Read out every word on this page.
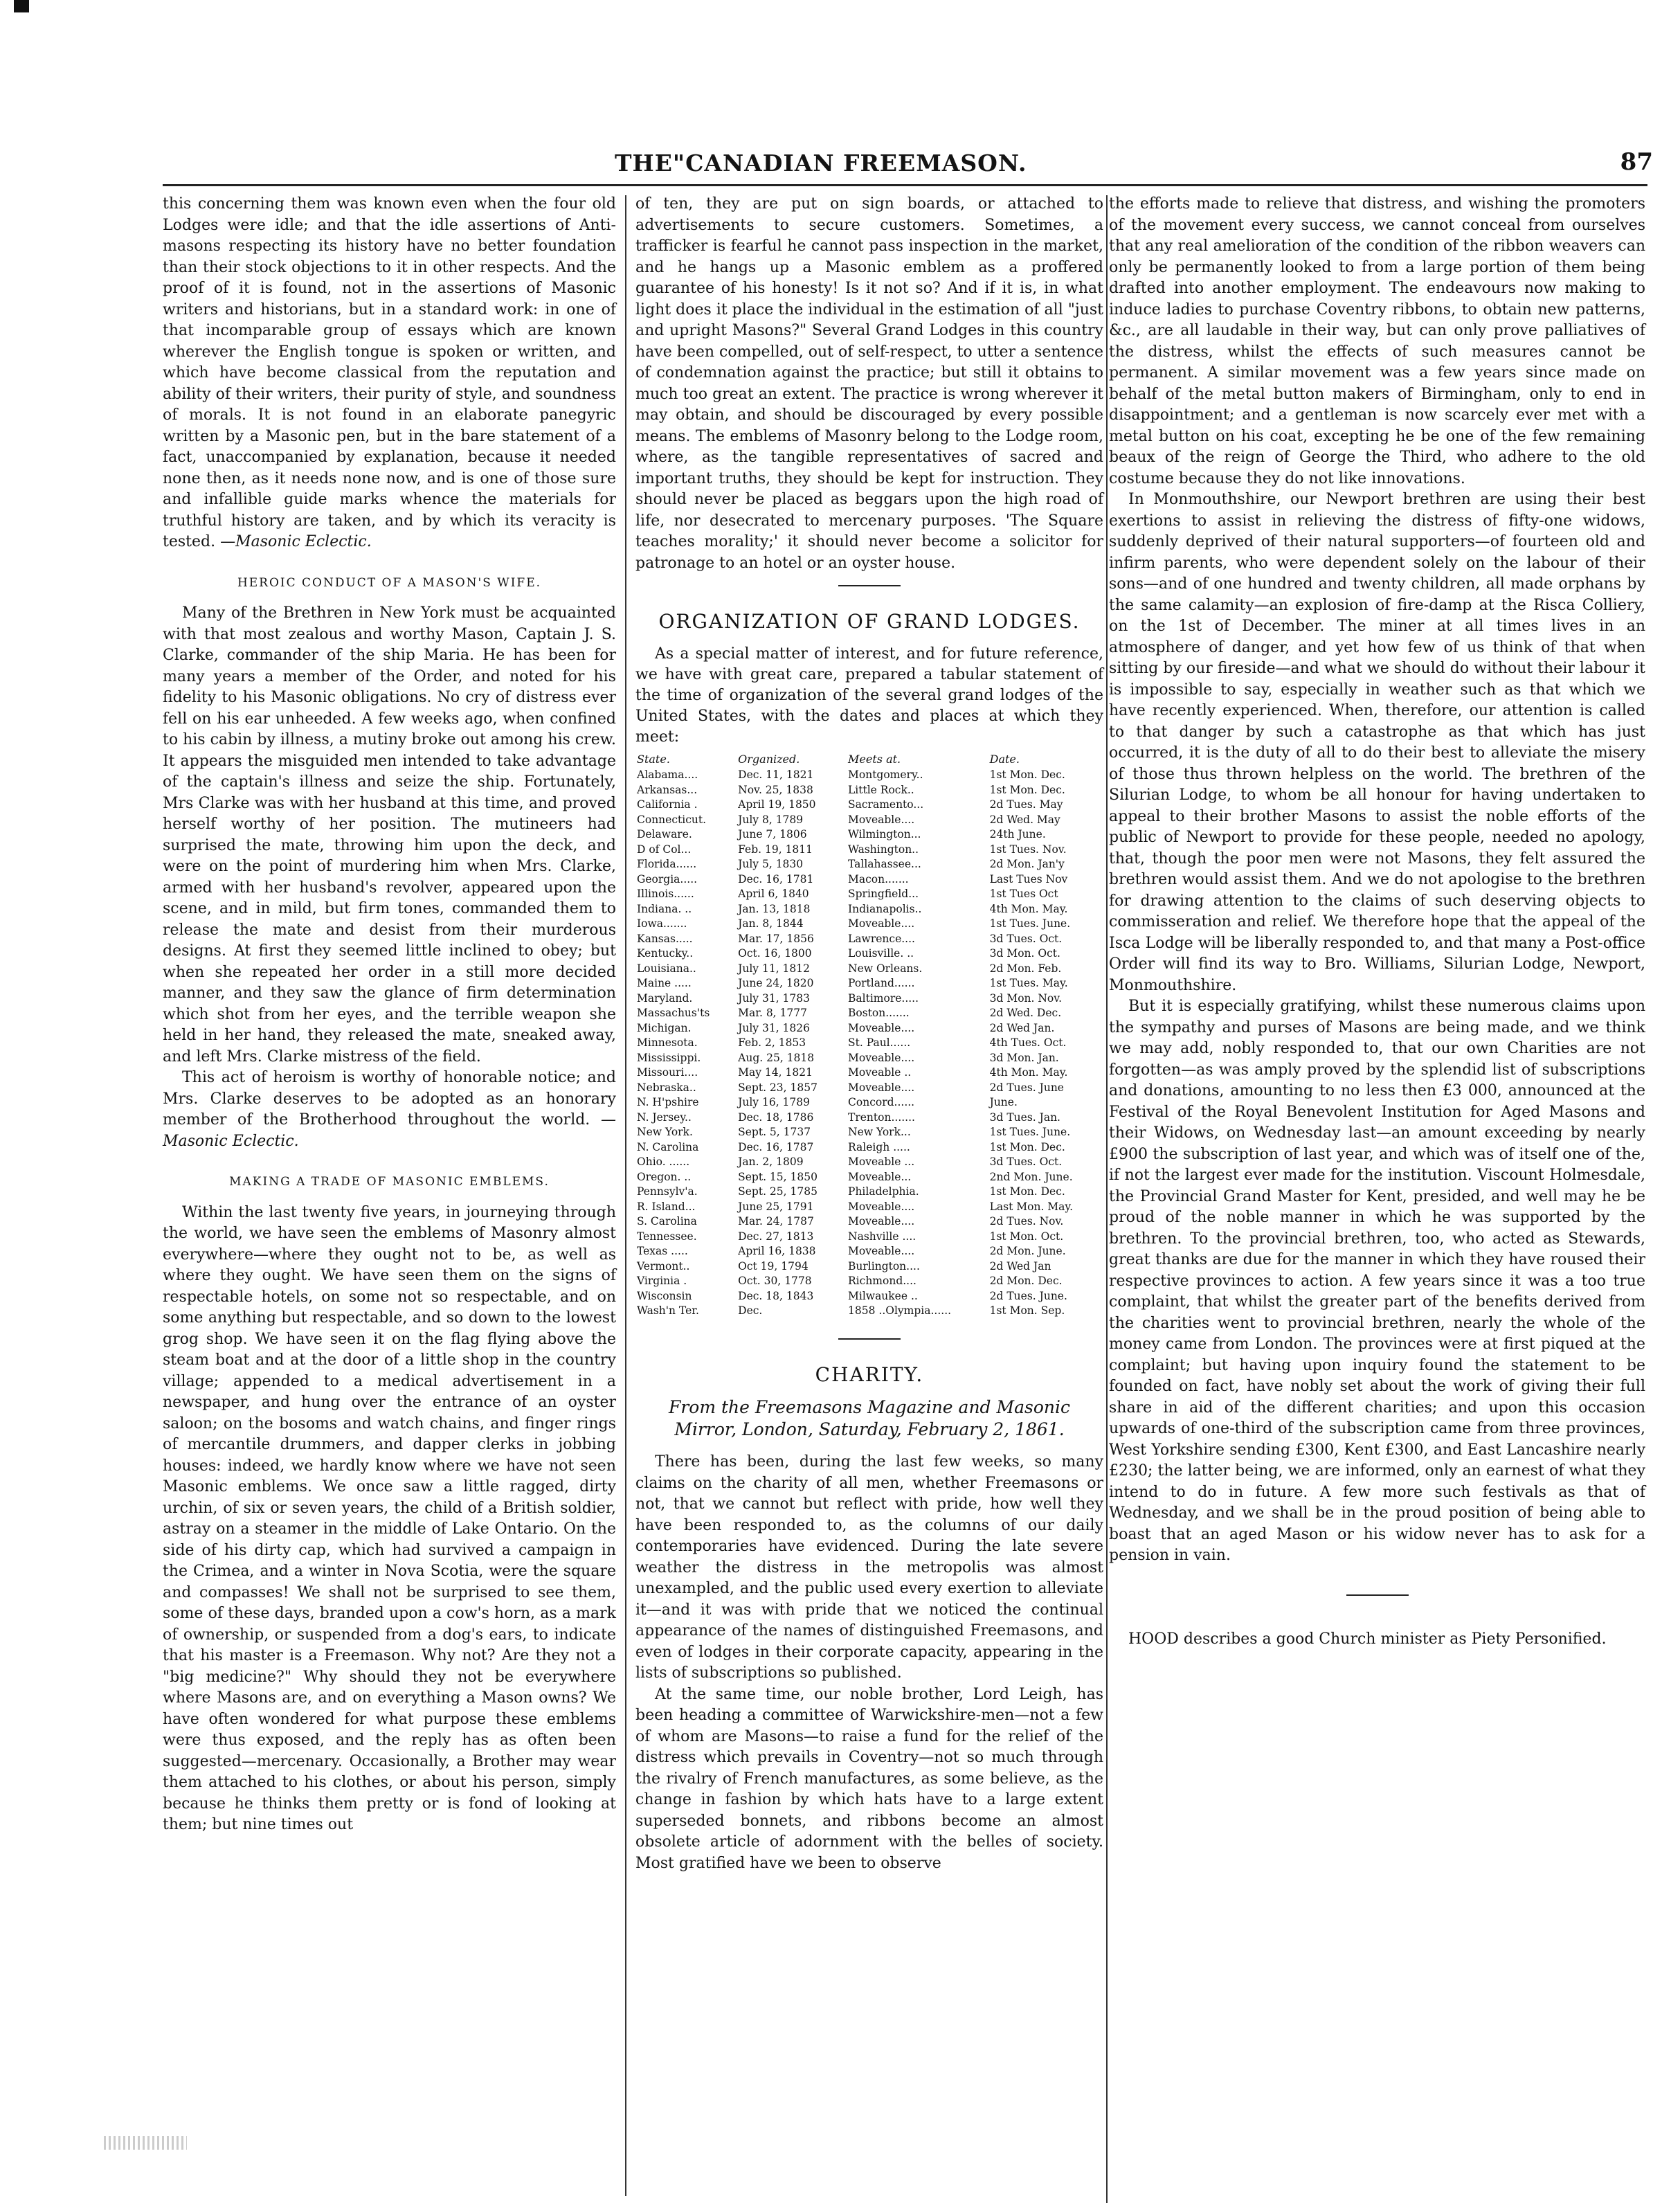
THE"CANADIAN FREEMASON.	87

this concerning them was known even when the four old Lodges were idle; and that the idle assertions of Anti-masons respecting its history have no better foundation than their stock objections to it in other respects. And the proof of it is found, not in the assertions of Masonic writers and historians, but in a standard work: in one of that incomparable group of essays which are known wherever the English tongue is spoken or written, and which have become classical from the reputation and ability of their writers, their purity of style, and soundness of morals. It is not found in an elaborate panegyric written by a Masonic pen, but in the bare statement of a fact, unaccompanied by explanation, because it needed none then, as it needs none now, and is one of those sure and infallible guide marks whence the materials for truthful history are taken, and by which its veracity is tested. —Masonic Eclectic.

HEROIC CONDUCT OF A MASON'S WIFE.

Many of the Brethren in New York must be acquainted with that most zealous and worthy Mason, Captain J. S. Clarke, commander of the ship Maria. He has been for many years a member of the Order, and noted for his fidelity to his Masonic obligations. No cry of distress ever fell on his ear unheeded. A few weeks ago, when confined to his cabin by illness, a mutiny broke out among his crew. It appears the misguided men intended to take advantage of the captain's illness and seize the ship. Fortunately, Mrs Clarke was with her husband at this time, and proved herself worthy of her position. The mutineers had surprised the mate, throwing him upon the deck, and were on the point of murdering him when Mrs. Clarke, armed with her husband's revolver, appeared upon the scene, and in mild, but firm tones, commanded them to release the mate and desist from their murderous designs. At first they seemed little inclined to obey; but when she repeated her order in a still more decided manner, and they saw the glance of firm determination which shot from her eyes, and the terrible weapon she held in her hand, they released the mate, sneaked away, and left Mrs. Clarke mistress of the field.

This act of heroism is worthy of honorable notice; and Mrs. Clarke deserves to be adopted as an honorary member of the Brotherhood throughout the world. —Masonic Eclectic.

MAKING A TRADE OF MASONIC EMBLEMS.

Within the last twenty five years, in journeying through the world, we have seen the emblems of Masonry almost everywhere—where they ought not to be, as well as where they ought. We have seen them on the signs of respectable hotels, on some not so respectable, and on some anything but respectable, and so down to the lowest grog shop. We have seen it on the flag flying above the steam boat and at the door of a little shop in the country village; appended to a medical advertisement in a newspaper, and hung over the entrance of an oyster saloon; on the bosoms and watch chains, and finger rings of mercantile drummers, and dapper clerks in jobbing houses: indeed, we hardly know where we have not seen Masonic emblems. We once saw a little ragged, dirty urchin, of six or seven years, the child of a British soldier, astray on a steamer in the middle of Lake Ontario. On the side of his dirty cap, which had survived a campaign in the Crimea, and a winter in Nova Scotia, were the square and compasses! We shall not be surprised to see them, some of these days, branded upon a cow's horn, as a mark of ownership, or suspended from a dog's ears, to indicate that his master is a Freemason. Why not? Are they not a "big medicine?" Why should they not be everywhere where Masons are, and on everything a Mason owns? We have often wondered for what purpose these emblems were thus exposed, and the reply has as often been suggested—mercenary. Occasionally, a Brother may wear them attached to his clothes, or about his person, simply because he thinks them pretty or is fond of looking at them; but nine times out

of ten, they are put on sign boards, or attached to advertisements to secure customers. Sometimes, a trafficker is fearful he cannot pass inspection in the market, and he hangs up a Masonic emblem as a proffered guarantee of his honesty! Is it not so? And if it is, in what light does it place the individual in the estimation of all "just and upright Masons?" Several Grand Lodges in this country have been compelled, out of self-respect, to utter a sentence of condemnation against the practice; but still it obtains to much too great an extent. The practice is wrong wherever it may obtain, and should be discouraged by every possible means. The emblems of Masonry belong to the Lodge room, where, as the tangible representatives of sacred and important truths, they should be kept for instruction. They should never be placed as beggars upon the high road of life, nor desecrated to mercenary purposes. 'The Square teaches morality;' it should never become a solicitor for patronage to an hotel or an oyster house.

ORGANIZATION OF GRAND LODGES.

As a special matter of interest, and for future reference, we have with great care, prepared a tabular statement of the time of organization of the several grand lodges of the United States, with the dates and places at which they meet:

State.	Organized.	Meets at.	Date.
Alabama....	Dec. 11, 1821	Montgomery..	1st Mon. Dec.
Arkansas...	Nov. 25, 1838	Little Rock..	1st Mon. Dec.
California .	April 19, 1850	Sacramento...	2d Tues. May
Connecticut.	July 8, 1789	Moveable....	2d Wed. May
Delaware.	June 7, 1806	Wilmington...	24th June.
D of Col...	Feb. 19, 1811	Washington..	1st Tues. Nov.
Florida......	July 5, 1830	Tallahassee...	2d Mon. Jan'y
Georgia.....	Dec. 16, 1781	Macon.......	Last Tues Nov
Illinois......	April 6, 1840	Springfield...	1st Tues Oct
Indiana. ..	Jan. 13, 1818	Indianapolis..	4th Mon. May.
Iowa.......	Jan. 8, 1844	Moveable....	1st Tues. June.
Kansas.....	Mar. 17, 1856	Lawrence....	3d Tues. Oct.
Kentucky..	Oct. 16, 1800	Louisville. ..	3d Mon. Oct.
Louisiana..	July 11, 1812	New Orleans.	2d Mon. Feb.
Maine .....	June 24, 1820	Portland......	1st Tues. May.
Maryland.	July 31, 1783	Baltimore.....	3d Mon. Nov.
Massachus'ts	Mar. 8, 1777	Boston.......	2d Wed. Dec.
Michigan.	July 31, 1826	Moveable....	2d Wed Jan.
Minnesota.	Feb. 2, 1853	St. Paul......	4th Tues. Oct.
Mississippi.	Aug. 25, 1818	Moveable....	3d Mon. Jan.
Missouri....	May 14, 1821	Moveable ..	4th Mon. May.
Nebraska..	Sept. 23, 1857	Moveable....	2d Tues. June
N. H'pshire	July 16, 1789	Concord......	June.
N. Jersey..	Dec. 18, 1786	Trenton.......	3d Tues. Jan.
New York.	Sept. 5, 1737	New York...	1st Tues. June.
N. Carolina	Dec. 16, 1787	Raleigh .....	1st Mon. Dec.
Ohio. ......	Jan. 2, 1809	Moveable ...	3d Tues. Oct.
Oregon. ..	Sept. 15, 1850	Moveable...	2nd Mon. June.
Pennsylv'a.	Sept. 25, 1785	Philadelphia.	1st Mon. Dec.
R. Island...	June 25, 1791	Moveable....	Last Mon. May.
S. Carolina	Mar. 24, 1787	Moveable....	2d Tues. Nov.
Tennessee.	Dec. 27, 1813	Nashville ....	1st Mon. Oct.
Texas .....	April 16, 1838	Moveable....	2d Mon. June.
Vermont..	Oct 19, 1794	Burlington....	2d Wed Jan
Virginia .	Oct. 30, 1778	Richmond....	2d Mon. Dec.
Wisconsin	Dec. 18, 1843	Milwaukee ..	2d Tues. June.
Wash'n Ter.	Dec.	1858 ..Olympia......	1st Mon. Sep.
CHARITY.
From the Freemasons Magazine and Masonic Mirror, London, Saturday, February 2, 1861.

There has been, during the last few weeks, so many claims on the charity of all men, whether Freemasons or not, that we cannot but reflect with pride, how well they have been responded to, as the columns of our daily contemporaries have evidenced. During the late severe weather the distress in the metropolis was almost unexampled, and the public used every exertion to alleviate it—and it was with pride that we noticed the continual appearance of the names of distinguished Freemasons, and even of lodges in their corporate capacity, appearing in the lists of subscriptions so published.

At the same time, our noble brother, Lord Leigh, has been heading a committee of Warwickshire-men—not a few of whom are Masons—to raise a fund for the relief of the distress which prevails in Coventry—not so much through the rivalry of French manufactures, as some believe, as the change in fashion by which hats have to a large extent superseded bonnets, and ribbons become an almost obsolete article of adornment with the belles of society. Most gratified have we been to observe

the efforts made to relieve that distress, and wishing the promoters of the movement every success, we cannot conceal from ourselves that any real amelioration of the condition of the ribbon weavers can only be permanently looked to from a large portion of them being drafted into another employment. The endeavours now making to induce ladies to purchase Coventry ribbons, to obtain new patterns, &c., are all laudable in their way, but can only prove palliatives of the distress, whilst the effects of such measures cannot be permanent. A similar movement was a few years since made on behalf of the metal button makers of Birmingham, only to end in disappointment; and a gentleman is now scarcely ever met with a metal button on his coat, excepting he be one of the few remaining beaux of the reign of George the Third, who adhere to the old costume because they do not like innovations.

In Monmouthshire, our Newport brethren are using their best exertions to assist in relieving the distress of fifty-one widows, suddenly deprived of their natural supporters—of fourteen old and infirm parents, who were dependent solely on the labour of their sons—and of one hundred and twenty children, all made orphans by the same calamity—an explosion of fire-damp at the Risca Colliery, on the 1st of December. The miner at all times lives in an atmosphere of danger, and yet how few of us think of that when sitting by our fireside—and what we should do without their labour it is impossible to say, especially in weather such as that which we have recently experienced. When, therefore, our attention is called to that danger by such a catastrophe as that which has just occurred, it is the duty of all to do their best to alleviate the misery of those thus thrown helpless on the world. The brethren of the Silurian Lodge, to whom be all honour for having undertaken to appeal to their brother Masons to assist the noble efforts of the public of Newport to provide for these people, needed no apology, that, though the poor men were not Masons, they felt assured the brethren would assist them. And we do not apologise to the brethren for drawing attention to the claims of such deserving objects to commisseration and relief. We therefore hope that the appeal of the Isca Lodge will be liberally responded to, and that many a Post-office Order will find its way to Bro. Williams, Silurian Lodge, Newport, Monmouthshire.

But it is especially gratifying, whilst these numerous claims upon the sympathy and purses of Masons are being made, and we think we may add, nobly responded to, that our own Charities are not forgotten—as was amply proved by the splendid list of subscriptions and donations, amounting to no less then £3 000, announced at the Festival of the Royal Benevolent Institution for Aged Masons and their Widows, on Wednesday last—an amount exceeding by nearly £900 the subscription of last year, and which was of itself one of the, if not the largest ever made for the institution. Viscount Holmesdale, the Provincial Grand Master for Kent, presided, and well may he be proud of the noble manner in which he was supported by the brethren. To the provincial brethren, too, who acted as Stewards, great thanks are due for the manner in which they have roused their respective provinces to action. A few years since it was a too true complaint, that whilst the greater part of the benefits derived from the charities went to provincial brethren, nearly the whole of the money came from London. The provinces were at first piqued at the complaint; but having upon inquiry found the statement to be founded on fact, have nobly set about the work of giving their full share in aid of the different charities; and upon this occasion upwards of one-third of the subscription came from three provinces, West Yorkshire sending £300, Kent £300, and East Lancashire nearly £230; the latter being, we are informed, only an earnest of what they intend to do in future. A few more such festivals as that of Wednesday, and we shall be in the proud position of being able to boast that an aged Mason or his widow never has to ask for a pension in vain.

HOOD describes a good Church minister as Piety Personified.
